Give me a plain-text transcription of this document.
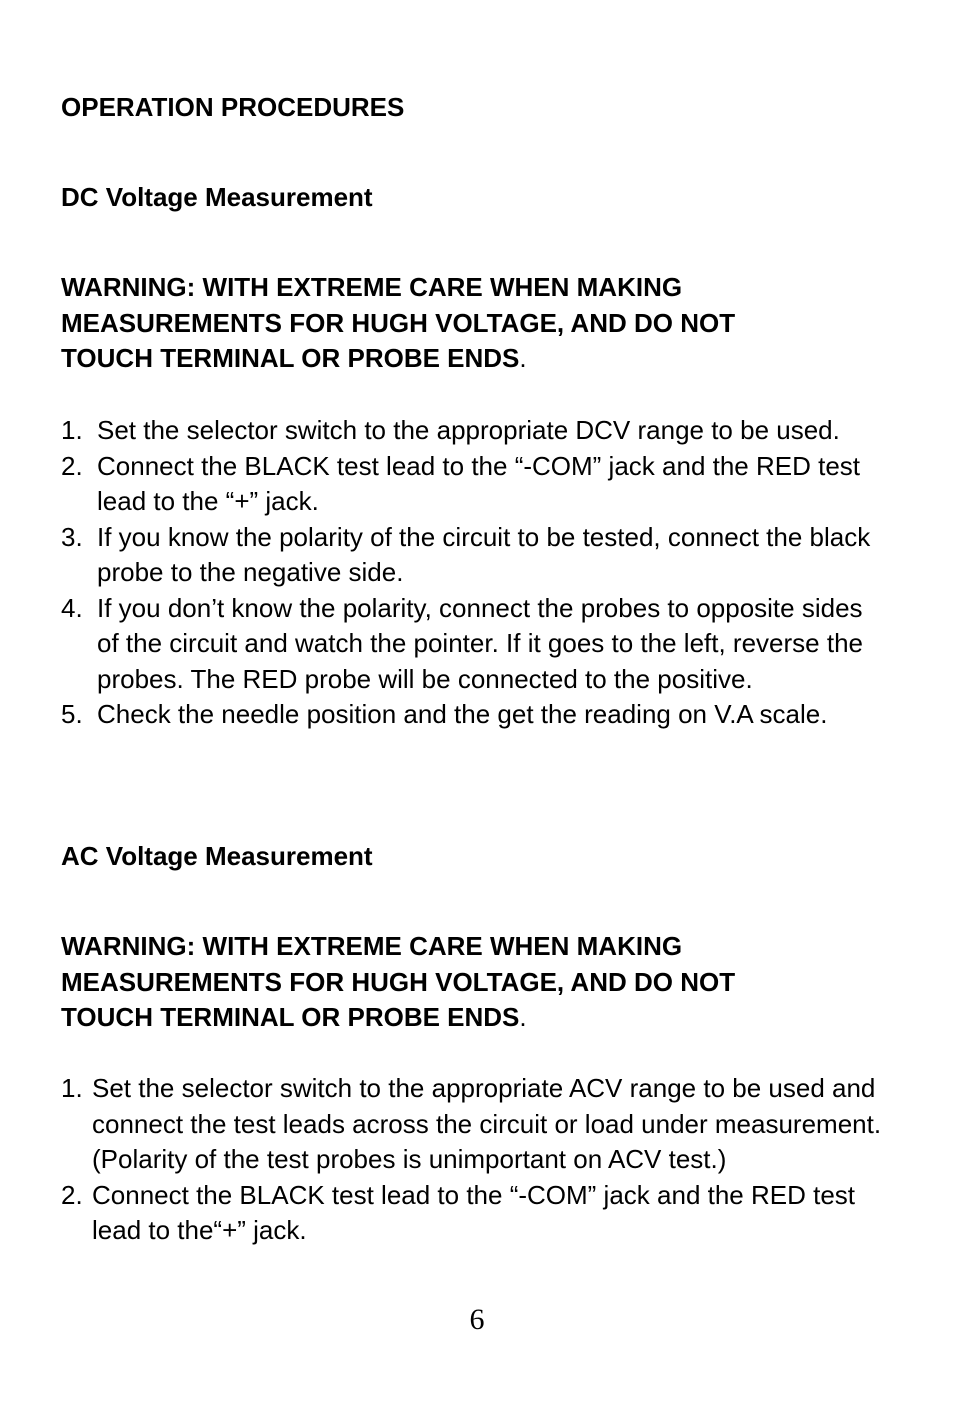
OPERATION PROCEDURES
DC Voltage Measurement
WARNING: WITH EXTREME CARE WHEN MAKING
MEASUREMENTS FOR HUGH VOLTAGE, AND DO NOT
TOUCH TERMINAL OR PROBE ENDS.
1. Set the selector switch to the appropriate DCV range to be used.
2. Connect the BLACK test lead to the “-COM” jack and the RED test lead to the “+” jack.
3. If you know the polarity of the circuit to be tested, connect the black probe to the negative side.
4. If you don’t know the polarity, connect the probes to opposite sides of the circuit and watch the pointer. If it goes to the left, reverse the probes. The RED probe will be connected to the positive.
5. Check the needle position and the get the reading on V.A scale.
AC Voltage Measurement
WARNING: WITH EXTREME CARE WHEN MAKING
MEASUREMENTS FOR HUGH VOLTAGE, AND DO NOT
TOUCH TERMINAL OR PROBE ENDS.
1. Set the selector switch to the appropriate ACV range to be used and connect the test leads across the circuit or load under measurement. (Polarity of the test probes is unimportant on ACV test.)
2. Connect the BLACK test lead to the “-COM” jack and the RED test lead to the“+” jack.
6
